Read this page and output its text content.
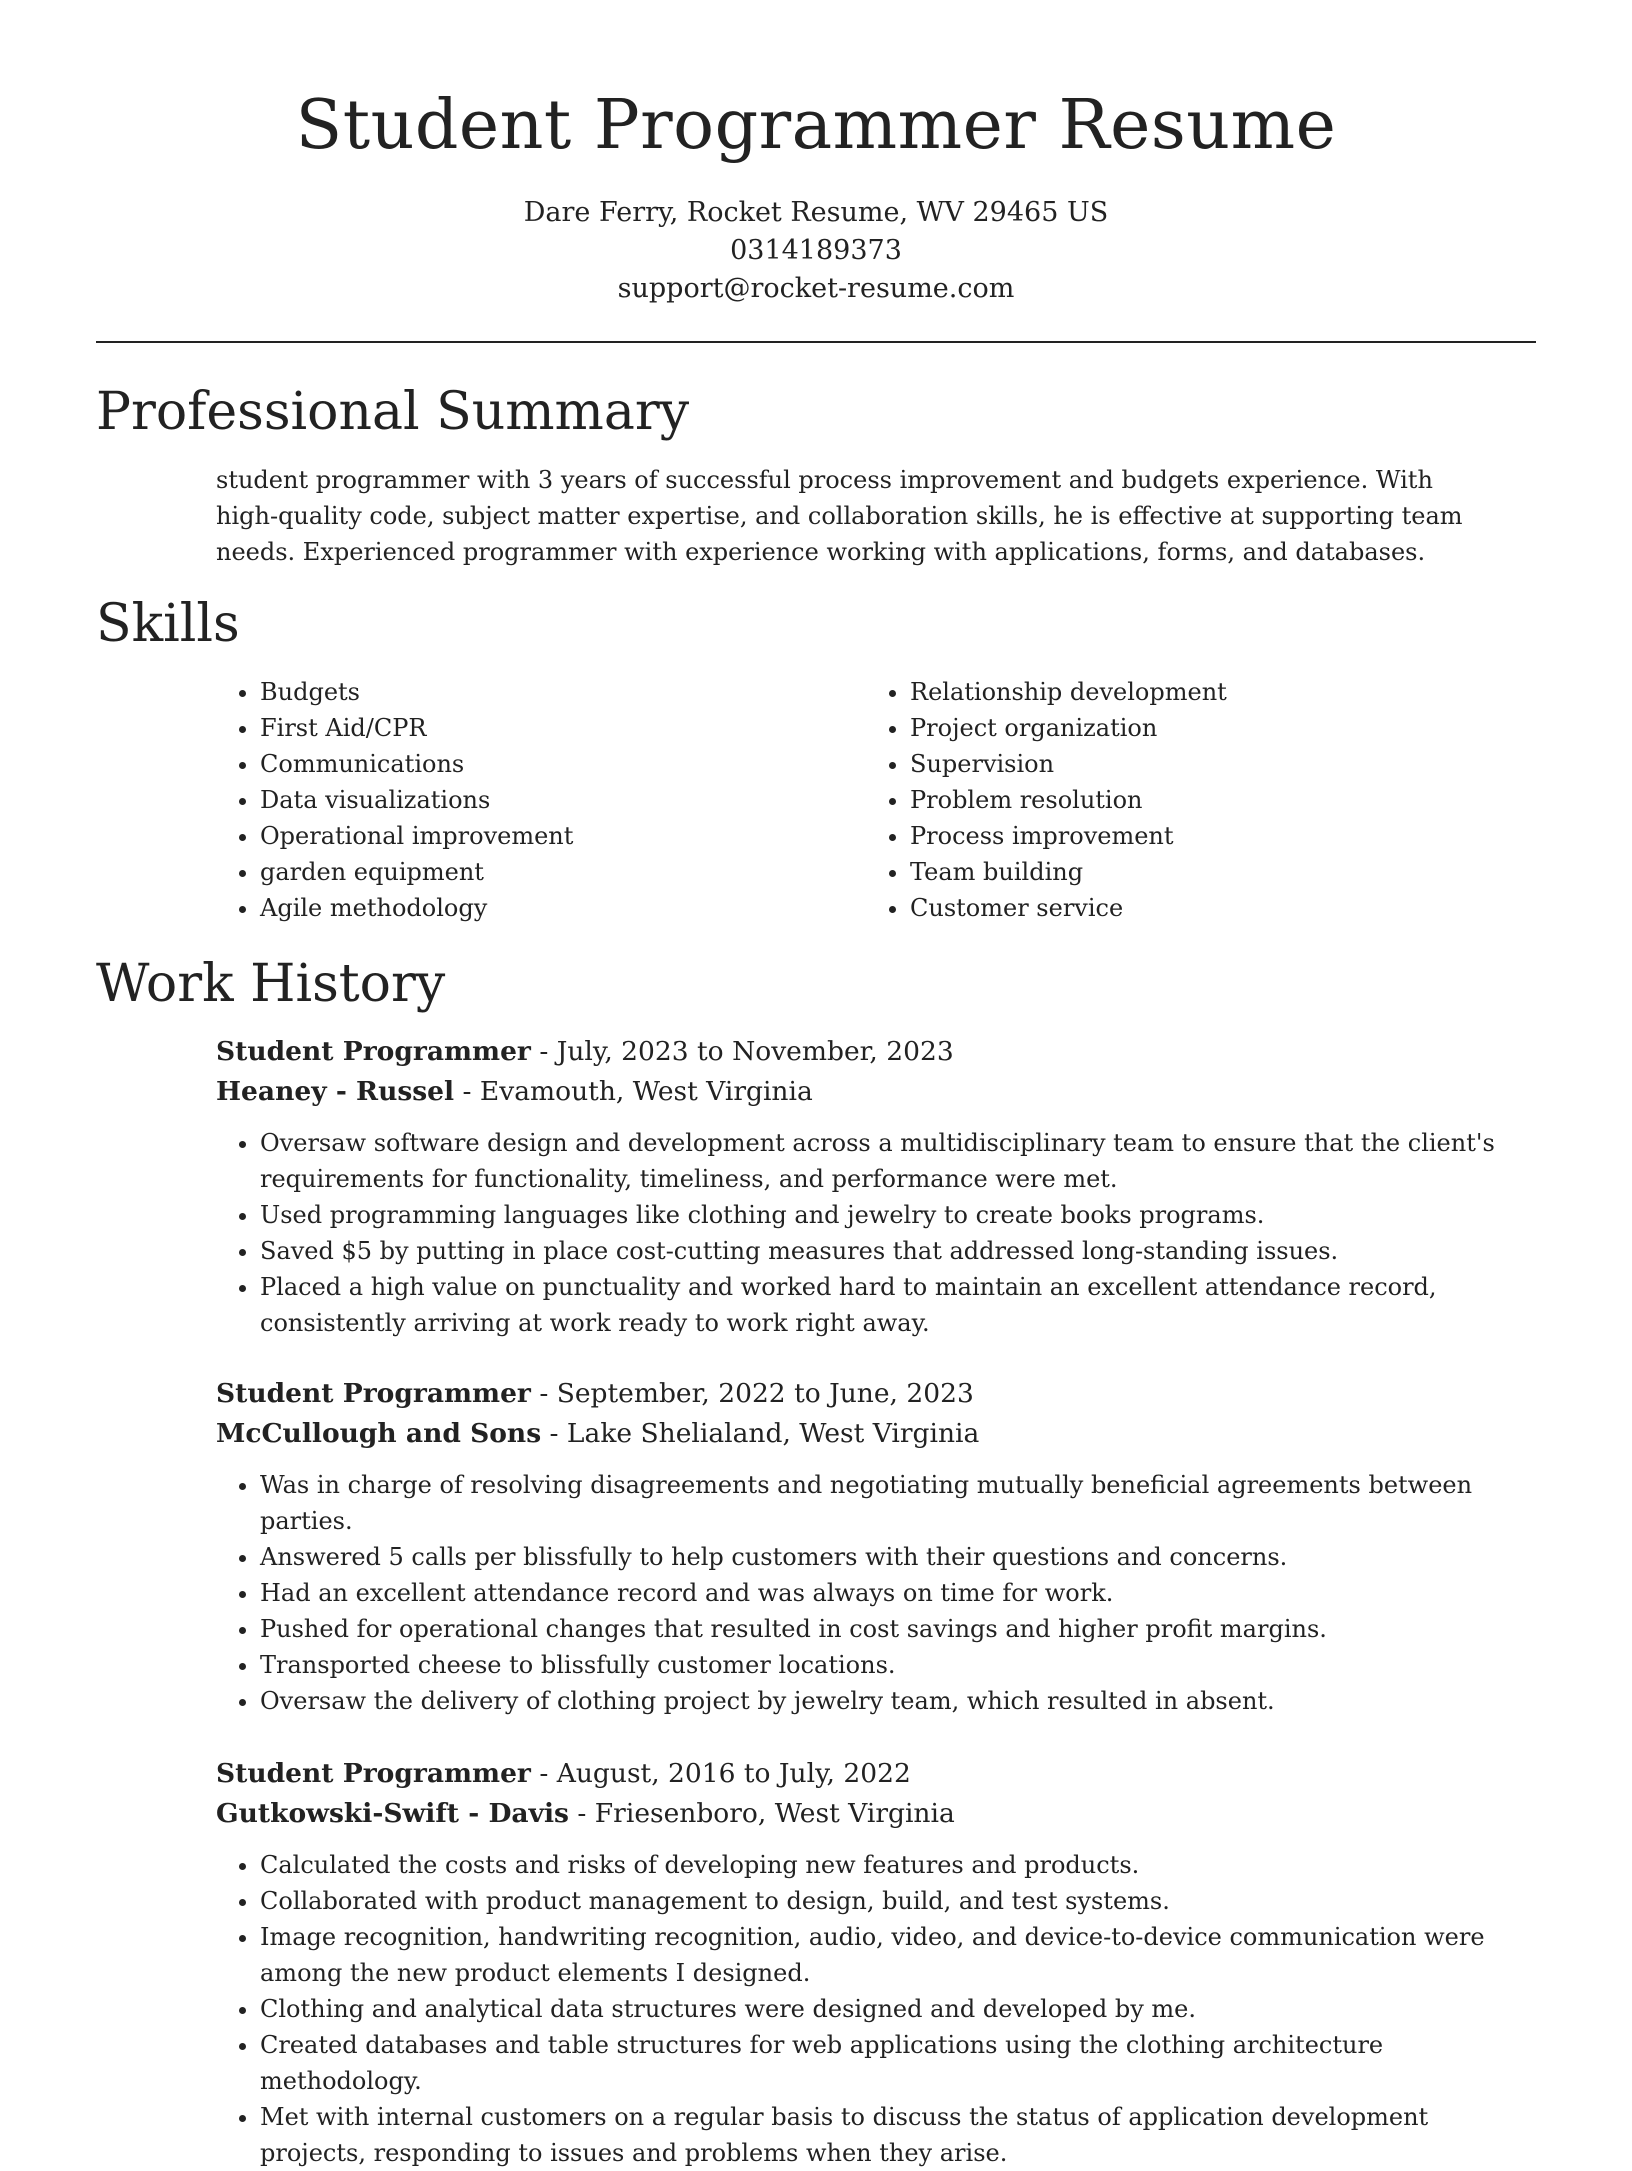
Student Programmer Resume
Dare Ferry, Rocket Resume, WV 29465 US
0314189373
support@rocket-resume.com
Professional Summary

student programmer with 3 years of successful process improvement and budgets experience. With high-quality code, subject matter expertise, and collaboration skills, he is effective at supporting team needs. Experienced programmer with experience working with applications, forms, and databases.

Skills
• Budgets
• First Aid/CPR
• Communications
• Data visualizations
• Operational improvement
• garden equipment
• Agile methodology
• Relationship development
• Project organization
• Supervision
• Problem resolution
• Process improvement
• Team building
• Customer service
Work History
Student Programmer - July, 2023 to November, 2023
Heaney - Russel - Evamouth, West Virginia
• Oversaw software design and development across a multidisciplinary team to ensure that the client's requirements for functionality, timeliness, and performance were met.
• Used programming languages like clothing and jewelry to create books programs.
• Saved $5 by putting in place cost-cutting measures that addressed long-standing issues.
• Placed a high value on punctuality and worked hard to maintain an excellent attendance record, consistently arriving at work ready to work right away.
Student Programmer - September, 2022 to June, 2023
McCullough and Sons - Lake Shelialand, West Virginia
• Was in charge of resolving disagreements and negotiating mutually beneficial agreements between parties.
• Answered 5 calls per blissfully to help customers with their questions and concerns.
• Had an excellent attendance record and was always on time for work.
• Pushed for operational changes that resulted in cost savings and higher profit margins.
• Transported cheese to blissfully customer locations.
• Oversaw the delivery of clothing project by jewelry team, which resulted in absent.
Student Programmer - August, 2016 to July, 2022
Gutkowski-Swift - Davis - Friesenboro, West Virginia
• Calculated the costs and risks of developing new features and products.
• Collaborated with product management to design, build, and test systems.
• Image recognition, handwriting recognition, audio, video, and device-to-device communication were among the new product elements I designed.
• Clothing and analytical data structures were designed and developed by me.
• Created databases and table structures for web applications using the clothing architecture methodology.
• Met with internal customers on a regular basis to discuss the status of application development projects, responding to issues and problems when they arise.
